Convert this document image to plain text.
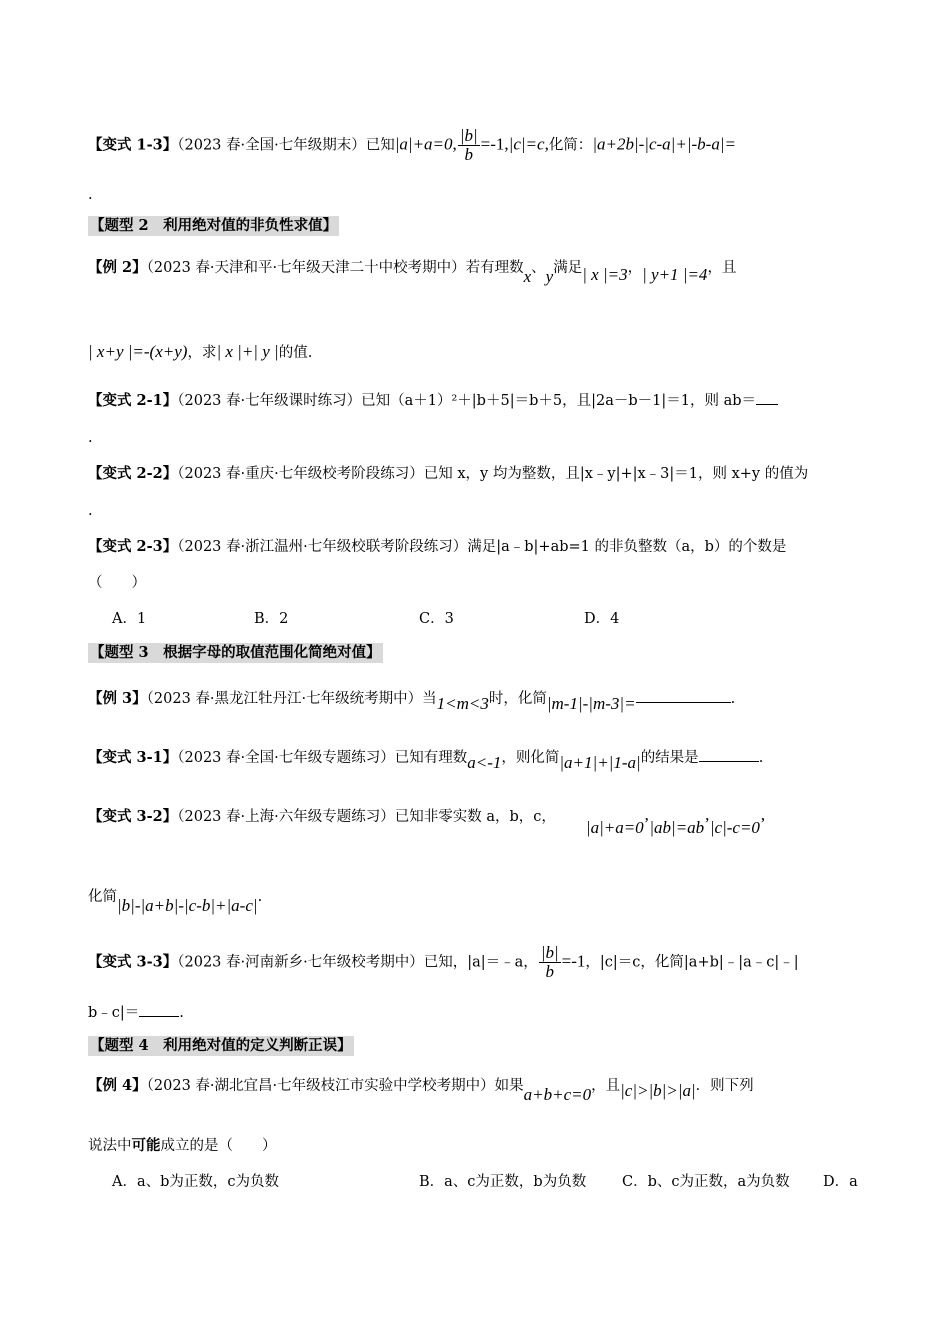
【变式 1-3】（2023 春·全国·七年级期末）已知|a|+a=0, $\frac{|b|}{b} =-1,|c|=c$,化简：|a+2b|-|c-a|+|-b-a|=
.
【题型 2　利用绝对值的非负性求值】
【例 2】（2023 春·天津和平·七年级天津二十中校考期中）若有理数x、y满足| x |=3，| y+1 |=4，且
| x+y |=-(x+y)，求| x |+| y |的值.
【变式 2-1】（2023 春·七年级课时练习）已知（a＋1）²＋|b＋5|＝b＋5，且|2a－b－1|＝1，则 ab＝
.
【变式 2-2】（2023 春·重庆·七年级校考阶段练习）已知 x，y 均为整数，且|x﹣y|+|x﹣3|＝1，则 x+y 的值为
.
【变式 2-3】（2023 春·浙江温州·七年级校联考阶段练习）满足|a﹣b|+ab=1 的非负整数（a，b）的个数是
（　　）
A．1	B．2	C．3	D．4
【题型 3　根据字母的取值范围化简绝对值】
【例 3】（2023 春·黑龙江牡丹江·七年级统考期中）当1<m<3时，化简|m-1|-|m-3|=	.
【变式 3-1】（2023 春·全国·七年级专题练习）已知有理数a<-1，则化简|a+1|+|1-a|的结果是	.
【变式 3-2】（2023 春·上海·六年级专题练习）已知非零实数 a，b，c，|a|+a=0’|ab|=ab’|c|-c=0’
化简|b|-|a+b|-|c-b|+|a-c|.
【变式 3-3】（2023 春·河南新乡·七年级校考期中）已知，|a|＝﹣a， $\frac{|b|}{b} =-1$，|c|＝c，化简|a+b|﹣|a﹣c|﹣|
b﹣c|＝	.
【题型 4　利用绝对值的定义判断正误】
【例 4】（2023 春·湖北宜昌·七年级枝江市实验中学校考期中）如果a+b+c=0，且|c|>|b|>|a|．则下列
说法中可能成立的是（　　）
A．a、b为正数，c为负数	B．a、c为正数，b为负数 C．b、c为正数，a为负数 D．a
